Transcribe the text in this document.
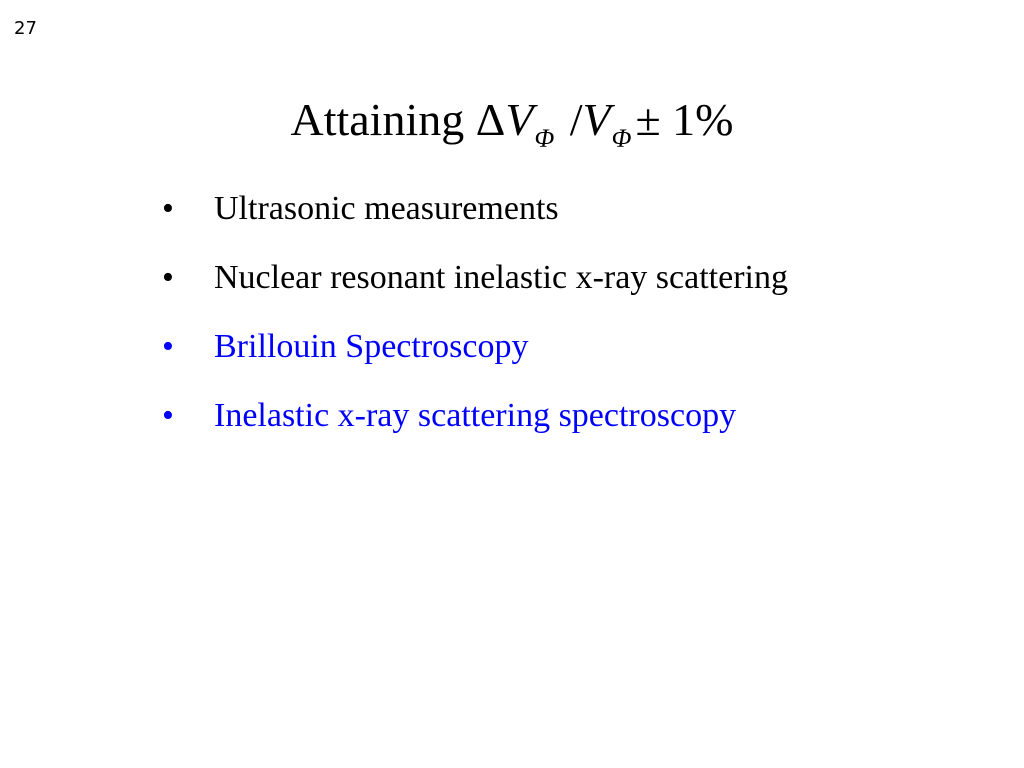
27
Attaining $\Delta V_\Phi$ $/V_\Phi\pm 1\%$
•	Ultrasonic measurements
•	Nuclear resonant inelastic x-ray scattering
•	Brillouin Spectroscopy
•	Inelastic x-ray scattering spectroscopy
